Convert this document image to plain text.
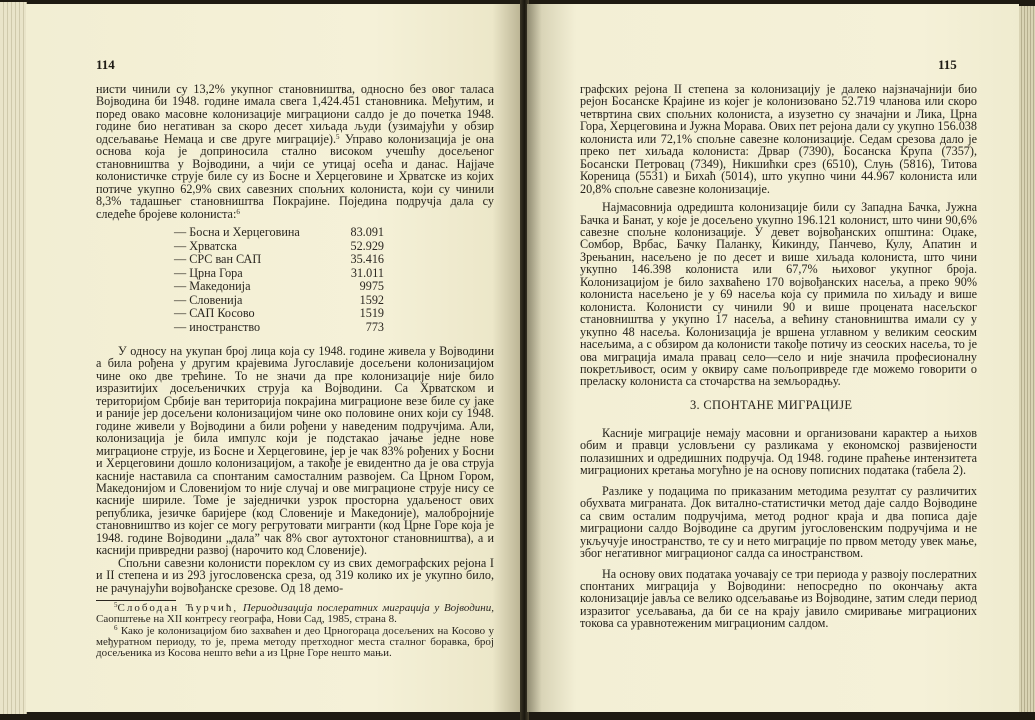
114

нисти чинили су 13,2% укупног становништва, односно без овог таласа Војводина би 1948. године имала свега 1,424.451 становника. Међутим, и поред овако масовне колонизације миграциони салдо је до почетка 1948. године био негативан за скоро десет хиљада људи (узимајући у обзир одсељавање Немаца и све друге миграције).$^5$ Управо колонизација је она основа која је доприносила стално високом учешћу досељеног становништва у Војводини, а чији се утицај осећа и данас. Најјаче колонистичке струје биле су из Босне и Херцеговине и Хрватске из којих потиче укупно 62,9% свих савезних спољних колониста, који су чинили 8,3% тадашњег становништва Покрајине. Поједина подручја дала су следеће бројеве колониста:$^6$

— Босна и Херцеговина	83.091
— Хрватска	52.929
— СРС ван САП	35.416
— Црна Гора	31.011
— Македонија	9975
— Словенија	1592
— САП Косово	1519
— иностранство	773

У односу на укупан број лица која су 1948. године живела у Војводини а била рођена у другим крајевима Југославије досељени колонизацијом чине око две трећине. То не значи да пре колонизације није било изразитијих досељеничких струја ка Војводини. Са Хрватском и територијом Србије ван територија покрајина миграционе везе биле су јаке и раније јер досељени колонизацијом чине око половине оних који су 1948. године живели у Војводини а били рођени у наведеним подручјима. Али, колонизација је била импулс који је подстакао јачање једне нове миграционе струје, из Босне и Херцеговине, јер је чак 83% рођених у Босни и Херцеговини дошло колонизацијом, а такође је евидентно да је ова струја касније наставила са спонтаним самосталним развојем. Са Црном Гором, Македонијом и Словенијом то није случај и ове миграционе струје нису се касније шириле. Томе је заједнички узрок просторна удаљеност ових република, језичке баријере (код Словеније и Македоније), малобројније становништво из којег се могу регрутовати мигранти (код Црне Горе која је 1948. године Војводини „дала” чак 8% свог аутохтоног становништва), а и каснији привредни развој (нарочито код Словеније).

Спољни савезни колонисти пореклом су из свих демографских рејона I и II степена и из 293 југословенска среза, од 319 колико их је укупно било, не рачунајући војвођанске срезове. Од 18 демо-

$^5$Слободан Ћурчић, Периодизација послератних миграција у Војводини, Саопштење на XII контресу географа, Нови Сад, 1985, страна 8.

$^6$ Како је колонизацијом био захваћен и део Црногораца досељених на Косово у међуратном периоду, то је, према методу претходног места сталног боравка, број досељеника из Косова нешто већи а из Црне Горе нешто мањи.

115

графских рејона II степена за колонизацију је далеко најзначајнији био рејон Босанске Крајине из којег је колонизовано 52.719 чланова или скоро четвртина свих спољних колониста, а изузетно су значајни и Лика, Црна Гора, Херцеговина и Јужна Морава. Ових пет рејона дали су укупно 156.038 колониста или 72,1% спољне савезне колонизације. Седам срезова дало је преко пет хиљада колониста: Дрвар (7390), Босанска Крупа (7357), Босански Петровац (7349), Никшићки срез (6510), Слуњ (5816), Титова Кореница (5531) и Бихаћ (5014), што укупно чини 44.967 колониста или 20,8% спољне савезне колонизације.

Најмасовнија одредишта колонизације били су Западна Бачка, Јужна Бачка и Банат, у које је досељено укупно 196.121 колонист, што чини 90,6% савезне спољне колонизације. У девет војвођанских општина: Оџаке, Сомбор, Врбас, Бачку Паланку, Кикинду, Панчево, Кулу, Апатин и Зрењанин, насељено је по десет и више хиљада колониста, што чини укупно 146.398 колониста или 67,7% њиховог укупног броја. Колонизацијом је било захваћено 170 војвођанских насеља, а преко 90% колониста насељено је у 69 насеља која су примила по хиљаду и више колониста. Колонисти су чинили 90 и више процената насељског становништва у укупно 17 насеља, а већину становништва имали су у укупно 48 насеља. Колонизација је вршена углавном у великим сеоским насељима, а с обзиром да колонисти такође потичу из сеоских насеља, то је ова миграција имала правац село—село и није значила професионалну покретљивост, осим у оквиру саме пољопривреде где можемо говорити о преласку колониста са сточарства на земљорадњу.

3. СПОНТАНЕ МИГРАЦИЈЕ

Касније миграције немају масовни и организовани карактер а њихов обим и правци условљени су разликама у економској развијености полазишних и одредишних подручја. Од 1948. године праћење интензитета миграционих кретања могућно је на основу пописних података (табела 2).

Разлике у подацима по приказаним методима резултат су различитих обухвата миграната. Док витално-статистички метод даје салдо Војводине са свим осталим подручјима, метод родног краја и два пописа даје миграциони салдо Војводине са другим југословенским подручјима и не укључује иностранство, те су и нето миграције по првом методу увек мање, због негативног миграционог салда са иностранством.

На основу ових података уочавају се три периода у развоју послератних спонтаних миграција у Војводини: непосредно по окончању акта колонизације јавља се велико одсељавање из Војводине, затим следи период изразитог усељавања, да би се на крају јавило смиривање миграционих токова са уравнотеженим миграционим салдом.
